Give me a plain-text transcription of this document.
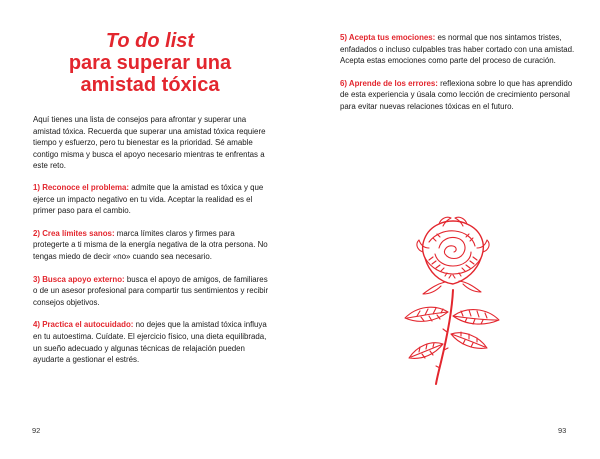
To do list
para superar una
amistad tóxica

Aquí tienes una lista de consejos para afrontar y superar una amistad tóxica. Recuerda que superar una amistad tóxica requiere tiempo y esfuerzo, pero tu bienestar es la prioridad. Sé amable contigo misma y busca el apoyo necesario mientras te enfrentas a este reto.

1) Reconoce el problema: admite que la amistad es tóxica y que ejerce un impacto negativo en tu vida. Aceptar la realidad es el primer paso para el cambio.

2) Crea límites sanos: marca límites claros y firmes para protegerte a ti misma de la energía negativa de la otra persona. No tengas miedo de decir «no» cuando sea necesario.

3) Busca apoyo externo: busca el apoyo de amigos, de familiares o de un asesor profesional para compartir tus sentimientos y recibir consejos objetivos.

4) Practica el autocuidado: no dejes que la amistad tóxica influya en tu autoestima. Cuídate. El ejercicio físico, una dieta equilibrada, un sueño adecuado y algunas técnicas de relajación pueden ayudarte a gestionar el estrés.

92

5) Acepta tus emociones: es normal que nos sintamos tristes, enfadados o incluso culpables tras haber cortado con una amistad. Acepta estas emociones como parte del proceso de curación.

6) Aprende de los errores: reflexiona sobre lo que has aprendido de esta experiencia y úsala como lección de crecimiento personal para evitar nuevas relaciones tóxicas en el futuro.

93
